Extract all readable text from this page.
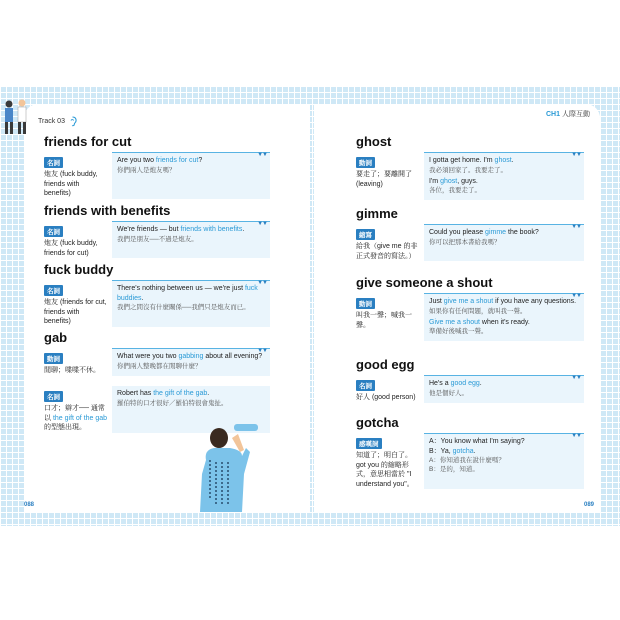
Track 03
CH1 人際互動
friends for cut
名詞
炮友 (fuck buddy, friends with benefits)
▼▼
Are you two friends for cut?
你們兩人是炮友嗎？
friends with benefits
名詞
炮友 (fuck buddy, friends for cut)
▼▼
We're friends — but friends with benefits.
我們是朋友──不過是炮友。
fuck buddy
名詞
炮友 (friends for cut, friends with benefits)
▼▼
There's nothing between us — we're just fuck buddies.
我們之間沒有什麼關係──我們只是炮友而已。
gab
動詞
閒聊；喋喋不休。
▼▼
What were you two gabbing about all evening?
你們兩人整晚都在閒聊什麼？
名詞
口才；辯才── 通常以 the gift of the gab 的型態出現。
Robert has the gift of the gab.
羅伯特的口才很好／羅伯特很會鬼扯。
088
ghost
動詞
要走了；要離開了 (leaving)
▼▼
I gotta get home. I'm ghost.
我必須回家了。我要走了。
I'm ghost, guys.
各位，我要走了。
gimme
縮寫
給我（give me 的非正式發音的寫法。）
▼▼
Could you please gimme the book?
你可以把那本書給我嗎？
give someone a shout
動詞
叫我一聲；喊我一聲。
▼▼
Just give me a shout if you have any questions.
如果你有任何問題，就叫我一聲。
Give me a shout when it's ready.
準備好後喊我一聲。
good egg
名詞
好人 (good person)
▼▼
He's a good egg.
他是個好人。
gotcha
感嘆詞
知道了；明白了。got you 的縮略形式，意思相當於 "I understand you"。
▼▼
A：You know what I'm saying?
B：Ya, gotcha.
A：你知道我在說什麼嗎？
B：是的，知道。
089
